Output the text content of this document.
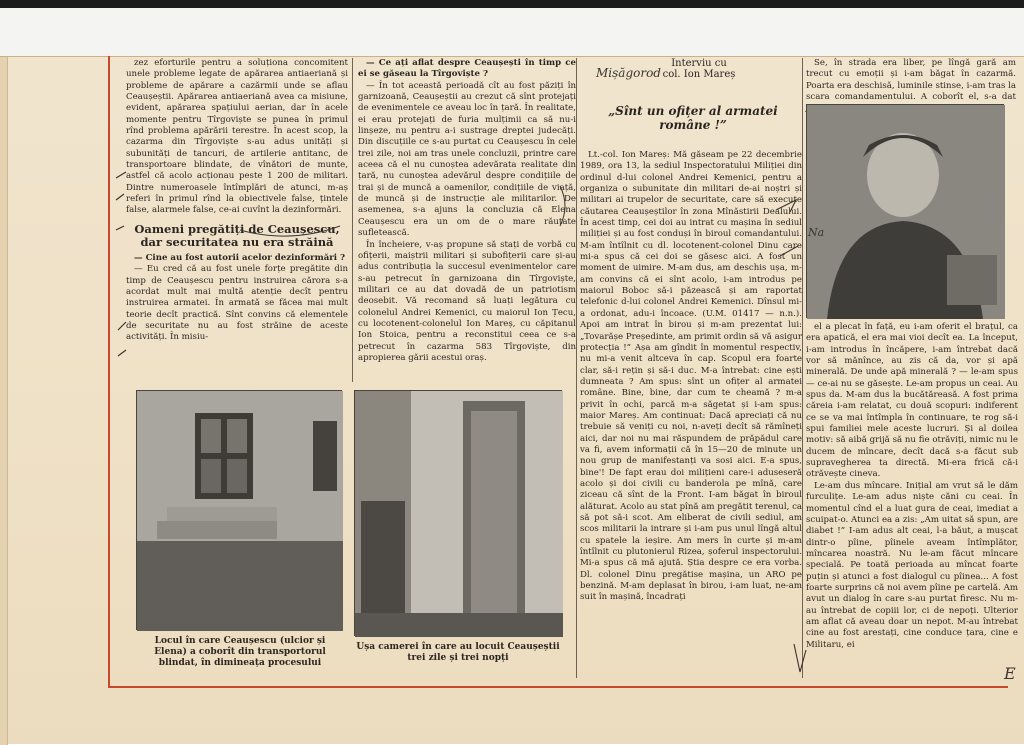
zez eforturile pentru a soluționa concomitent unele probleme legate de apărarea antiaeriană și probleme de apărare a cazărmii unde se aflau Ceaușeștii. Apărarea antiaeriană avea ca misiune, evident, apărarea spațiului aerian, dar în acele momente pentru Tîrgoviște se punea în primul rînd problema apărării terestre. În acest scop, la cazarma din Tîrgoviște s-au adus unități și subunități de tancuri, de artilerie antitanc, de transportoare blindate, de vînători de munte, astfel că acolo acționau peste 1 200 de militari. Dintre numeroasele întîmplări de atunci, m-aș referi în primul rînd la obiectivele false, țintele false, alarmele false, ce-ai cuvînt la dezinformări.

Oameni pregătiți de Ceaușescu, dar securitatea nu era străină

— Cine au fost autorii acelor dezinformări ?

— Eu cred că au fost unele forțe pregătite din timp de Ceaușescu pentru instruirea cărora s-a acordat mult mai multă atenție decît pentru instruirea armatei. În armată se făcea mai mult teorie decît practică. Sînt convins că elementele de securitate nu au fost străine de aceste activități. În misiu-

— Ce ați aflat despre Ceaușești în timp ce ei se găseau la Tîrgoviște ?

— În tot această perioadă cît au fost păziți în garnizoană, Ceaușeștii au crezut că sînt protejați de evenimentele ce aveau loc în țară. În realitate, ei erau protejați de furia mulțimii ca să nu-i linșeze, nu pentru a-i sustrage dreptei judecăți. Din discuțiile ce s-au purtat cu Ceaușescu în cele trei zile, noi am tras unele concluzii, printre care aceea că el nu cunoștea adevărata realitate din țară, nu cunoștea adevărul despre condițiile de trai și de muncă a oamenilor, condițiile de viață, de muncă și de instrucție ale militarilor. De asemenea, s-a ajuns la concluzia că Elena Ceaușescu era un om de o mare răutate sufletească.

În încheiere, v-aș propune să stați de vorbă cu ofițerii, maiștrii militari și subofițerii care și-au adus contribuția la succesul evenimentelor care s-au petrecut în garnizoana din Tîrgoviște, militari ce au dat dovadă de un patriotism deosebit. Vă recomand să luați legătura cu colonelul Andrei Kemenici, cu maiorul Ion Țecu, cu locotenent-colonelul Ion Mareș, cu căpitanul Ion Stoica, pentru a reconstitui ceea ce s-a petrecut în cazarma 583 Tîrgoviște, din apropierea gării acestui oraș.

Interviu cu
col. Ion Mareș
„Sînt un ofițer al armatei române !”

Lt.-col. Ion Mareș: Mă găseam pe 22 decembrie 1989, ora 13, la sediul Inspectoratului Miliției din ordinul d-lui colonel Andrei Kemenici, pentru a organiza o subunitate din militari de-ai noștri și militari ai trupelor de securitate, care să execute căutarea Ceaușeștilor în zona Mînăstirii Dealului. În acest timp, cei doi au intrat cu mașina în sediul miliției și au fost conduși în biroul comandantului. M-am întîlnit cu dl. locotenent-colonel Dinu care mi-a spus că cei doi se găsesc aici. A fost un moment de uimire. M-am dus, am deschis ușa, m-am convins că ei sînt acolo, i-am introdus pe maiorul Boboc să-i păzească și am raportat telefonic d-lui colonel Andrei Kemenici. Dînsul mi-a ordonat, adu-i încoace. (U.M. 01417 — n.n.). Apoi am intrat în birou și m-am prezentat lui: „Tovarășe Președinte, am primit ordin să vă asigur protecția !” Așa am gîndit în momentul respectiv, nu mi-a venit altceva în cap. Scopul era foarte clar, să-i rețin și să-i duc. M-a întrebat: cine ești dumneata ? Am spus: sînt un ofițer al armatei române. Bine, bine, dar cum te cheamă ? m-a privit în ochi, parcă m-a săgetat și i-am spus: maior Mareș. Am continuat: Dacă apreciați că nu trebuie să veniți cu noi, n-aveți decît să rămîneți aici, dar noi nu mai răspundem de prăpădul care va fi, avem informații că în 15—20 de minute un nou grup de manifestanți va sosi aici. E-a spus, bine'! De fapt erau doi milițieni care-i aduseseră acolo și doi civili cu banderola pe mînă, care ziceau că sînt de la Front. I-am băgat în biroul alăturat. Acolo au stat pînă am pregătit terenul, ca să pot să-i scot. Am eliberat de civili sediul, am scos militarii la intrare și i-am pus unul lîngă altul cu spatele la ieșire. Am mers în curte și m-am întîlnit cu plutonierul Rizea, șoferul inspectorului. Mi-a spus că mă ajută. Știa despre ce era vorba. Dl. colonel Dinu pregătise mașina, un ARO pe benzină. M-am deplasat în birou, i-am luat, ne-am suit în mașină, încadrați

Se, în strada era liber, pe lîngă gară am trecut cu emoții și i-am băgat în cazarmă. Poarta era deschisă, luminile stinse, i-am tras la scara comandamentului. A coborît el, s-a dat

el a plecat în față, eu i-am oferit el brațul, ca era apatică, el era mai vioi decît ea. La început, i-am introdus în încăpere, i-am întrebat dacă vor să mănînce, au zis că da, vor și apă minerală. De unde apă minerală ? — le-am spus — ce-ai nu se găsește. Le-am propus un ceai. Au spus da. M-am dus la bucătăreasă. A fost prima căreia i-am relatat, cu două scopuri: indiferent ce se va mai întîmpla în continuare, te rog să-i spui familiei mele aceste lucruri. Și al doilea motiv: să aibă grijă să nu fie otrăviți, nimic nu le ducem de mîncare, decît dacă s-a făcut sub supravegherea ta directă. Mi-era frică că-i otrăvește cineva.

Le-am dus mîncare. Inițial am vrut să le dăm furculițe. Le-am adus niște căni cu ceai. În momentul cînd el a luat gura de ceai, imediat a scuipat-o. Atunci ea a zis: „Am uitat să spun, are diabet !” I-am adus alt ceai, l-a băut, a mușcat dintr-o pîine, pîinele aveam întîmplător, mîncarea noastră. Nu le-am făcut mîncare specială. Pe toată perioada au mîncat foarte puțin și atunci a fost dialogul cu pîinea... A fost foarte surprins că noi avem pîine pe cartelă. Am avut un dialog în care s-au purtat firesc. Nu m-au întrebat de copiii lor, ci de nepoți. Ulterior am aflat că aveau doar un nepot. M-au întrebat cine au fost arestați, cine conduce țara, cine e Militaru, ei

Locul în care Ceaușescu (ulcior și Elena) a coborît din transportorul blindat, în dimineața procesului
Ușa camerei în care au locuit Ceaușeștii trei zile și trei nopți
Mișăgorod
Na
E
